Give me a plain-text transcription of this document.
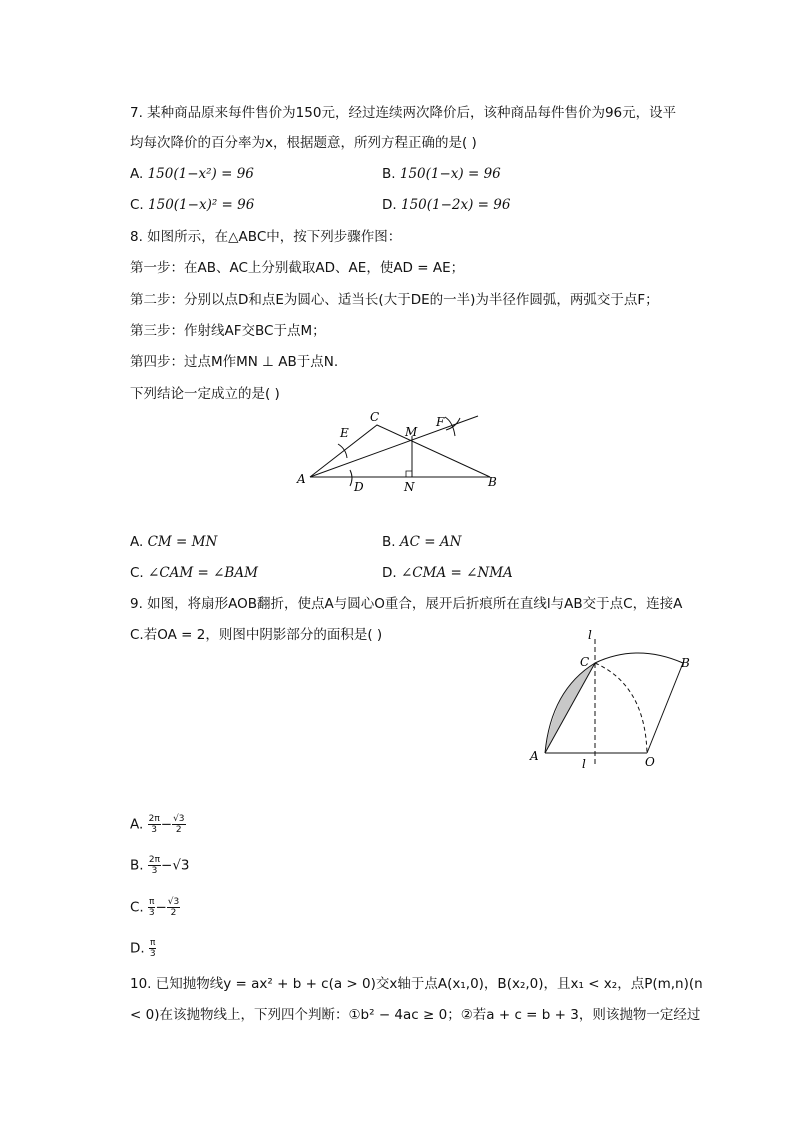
7. 某种商品原来每件售价为150元，经过连续两次降价后，该种商品每件售价为96元，设平
均每次降价的百分率为x，根据题意，所列方程正确的是( )
A. 150(1−x²) = 96	B. 150(1−x) = 96
C. 150(1−x)² = 96	D. 150(1−2x) = 96
8. 如图所示，在△ABC中，按下列步骤作图：
第一步：在AB、AC上分别截取AD、AE，使AD = AE；
第二步：分别以点D和点E为圆心、适当长(大于DE的一半)为半径作圆弧，两弧交于点F；
第三步：作射线AF交BC于点M；
第四步：过点M作MN ⊥ AB于点N.
下列结论一定成立的是( )
A
C
E	M
F
D	N	B
A. CM = MN	B. AC = AN
C. ∠CAM = ∠BAM	D. ∠CMA = ∠NMA
9. 如图，将扇形AOB翻折，使点A与圆心O重合，展开后折痕所在直线l与AB交于点C，连接A
C.若OA = 2，则图中阴影部分的面积是( )	l
C	B
A
l	O
A. $\frac{2\pi}{3} - \frac{√3}{2}$
B. $\frac{2\pi}{3} -√3$
C. $\frac{\pi}{3} - \frac{√3}{2}$
D. $\frac{\pi}{3}$
10. 已知抛物线y = ax² + b + c(a > 0)交x轴于点A(x₁,0)，B(x₂,0)，且x₁ < x₂，点P(m,n)(n
< 0)在该抛物线上，下列四个判断：①b² − 4ac ≥ 0；②若a + c = b + 3，则该抛物一定经过
